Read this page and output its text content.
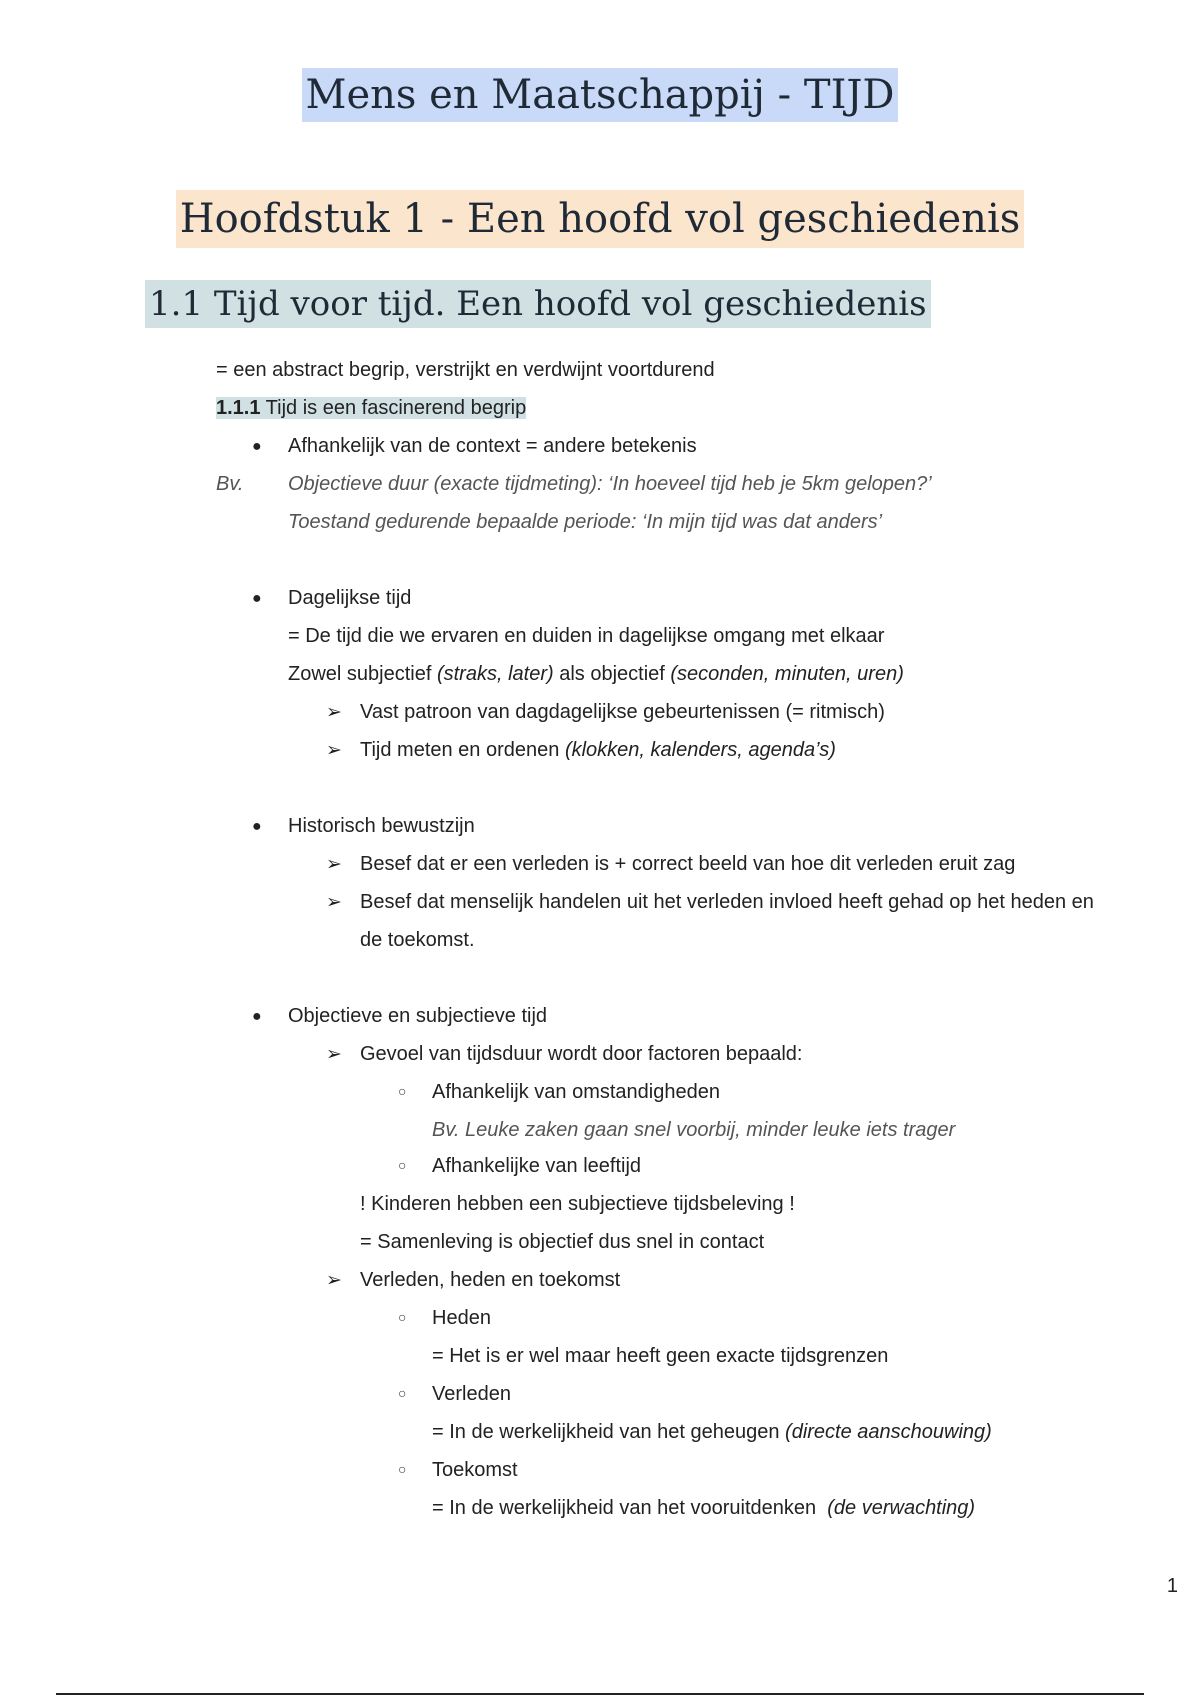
Mens en Maatschappij - TIJD
Hoofdstuk 1 - Een hoofd vol geschiedenis
1.1 Tijd voor tijd. Een hoofd vol geschiedenis
= een abstract begrip, verstrijkt en verdwijnt voortdurend
1.1.1 Tijd is een fascinerend begrip
● Afhankelijk van de context = andere betekenis
Bv. Objectieve duur (exacte tijdmeting): ‘In hoeveel tijd heb je 5km gelopen?’
Toestand gedurende bepaalde periode: ‘In mijn tijd was dat anders’
● Dagelijkse tijd
= De tijd die we ervaren en duiden in dagelijkse omgang met elkaar
Zowel subjectief (straks, later) als objectief (seconden, minuten, uren)
➢ Vast patroon van dagdagelijkse gebeurtenissen (= ritmisch)
➢ Tijd meten en ordenen (klokken, kalenders, agenda’s)
● Historisch bewustzijn
➢ Besef dat er een verleden is + correct beeld van hoe dit verleden eruit zag
➢ Besef dat menselijk handelen uit het verleden invloed heeft gehad op het heden en
de toekomst.
● Objectieve en subjectieve tijd
➢ Gevoel van tijdsduur wordt door factoren bepaald:
○ Afhankelijk van omstandigheden
Bv. Leuke zaken gaan snel voorbij, minder leuke iets trager
○ Afhankelijke van leeftijd
! Kinderen hebben een subjectieve tijdsbeleving !
= Samenleving is objectief dus snel in contact
➢ Verleden, heden en toekomst
○ Heden
= Het is er wel maar heeft geen exacte tijdsgrenzen
○ Verleden
= In de werkelijkheid van het geheugen (directe aanschouwing)
○ Toekomst
= In de werkelijkheid van het vooruitdenken  (de verwachting)
1
